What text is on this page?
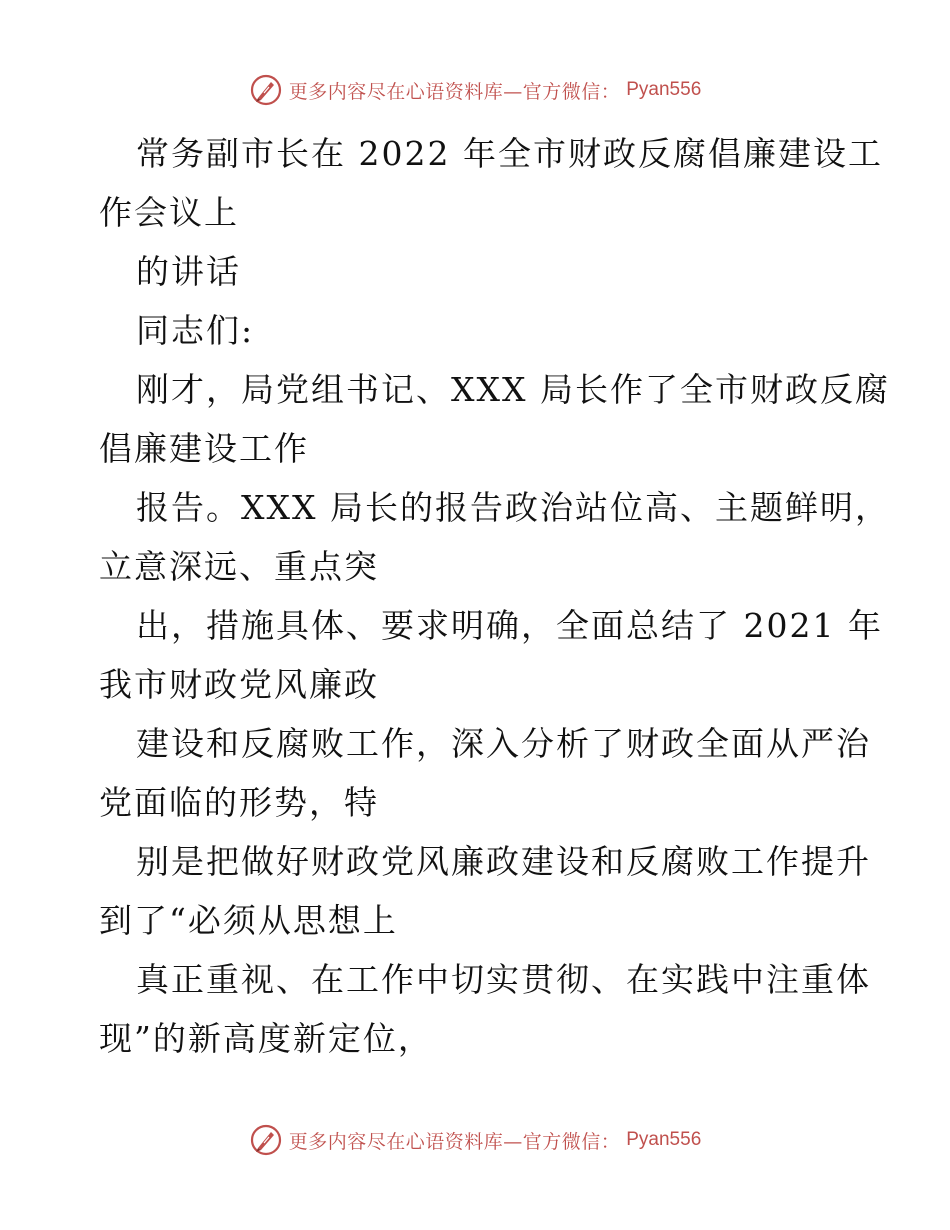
更多内容尽在心语资料库—官方微信： Pyan556
常务副市长在 2022 年全市财政反腐倡廉建设工
作会议上
的讲话
同志们:
刚才，局党组书记、XXX 局长作了全市财政反腐
倡廉建设工作
报告。XXX 局长的报告政治站位高、主题鲜明，
立意深远、重点突
出，措施具体、要求明确，全面总结了 2021 年
我市财政党风廉政
建设和反腐败工作，深入分析了财政全面从严治
党面临的形势，特
别是把做好财政党风廉政建设和反腐败工作提升
到了“必须从思想上
真正重视、在工作中切实贯彻、在实践中注重体
现”的新高度新定位，
更多内容尽在心语资料库—官方微信： Pyan556
